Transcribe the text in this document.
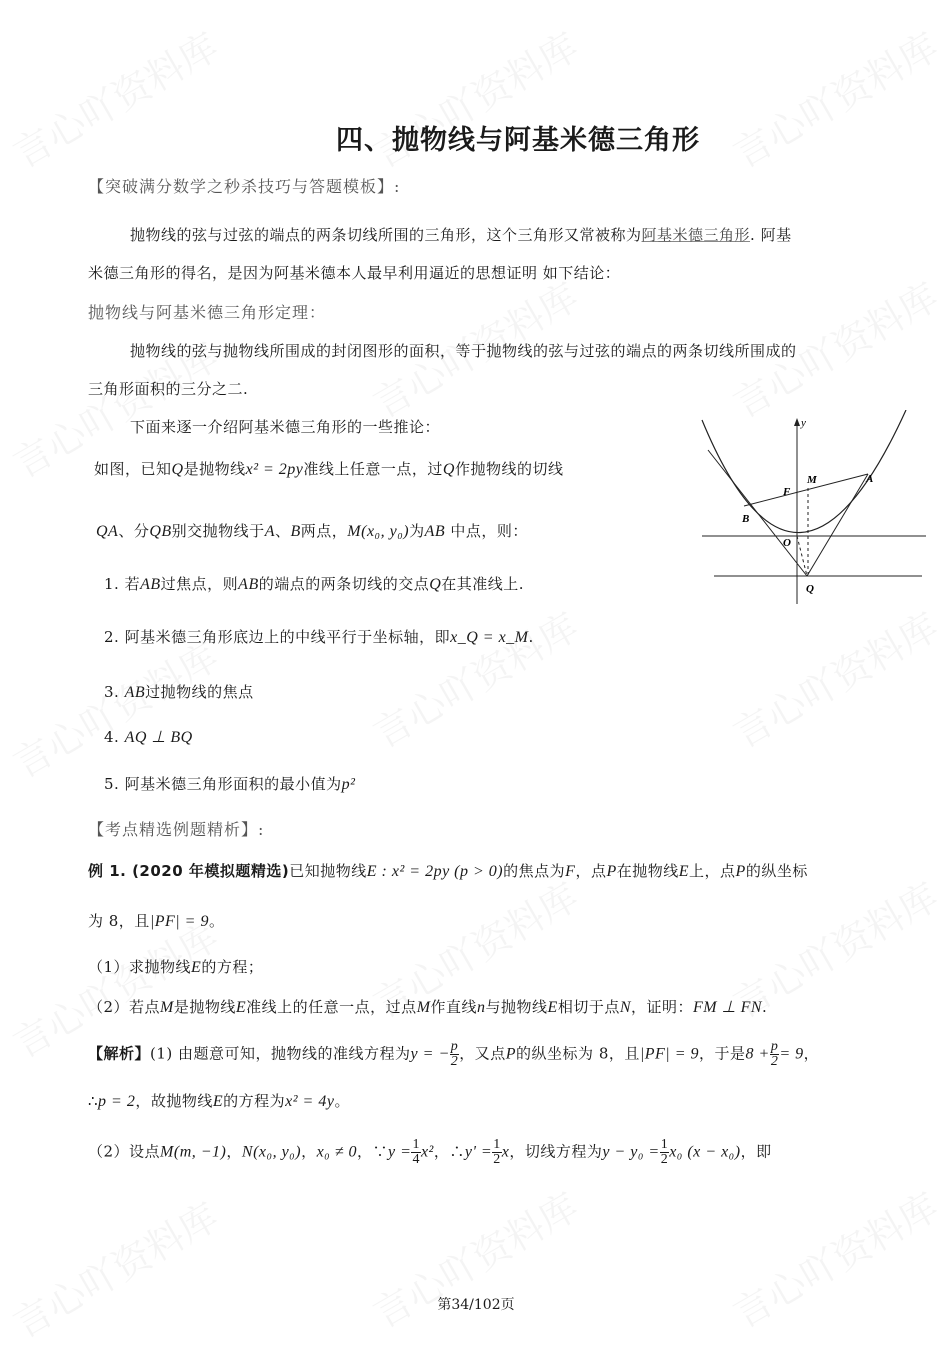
四、抛物线与阿基米德三角形
【突破满分数学之秒杀技巧与答题模板】:
抛物线的弦与过弦的端点的两条切线所围的三角形，这个三角形又常被称为阿基米德三角形. 阿基
米德三角形的得名，是因为阿基米德本人最早利用逼近的思想证明 如下结论：
抛物线与阿基米德三角形定理：
抛物线的弦与抛物线所围成的封闭图形的面积，等于抛物线的弦与过弦的端点的两条切线所围成的
三角形面积的三分之二.
下面来逐一介绍阿基米德三角形的一些推论：
如图，已知Q是抛物线x² = 2py准线上任意一点，过Q作抛物线的切线
QA、分QB别交抛物线于A、B两点，M(x₀, y₀)为AB 中点，则：
1. 若AB过焦点，则AB的端点的两条切线的交点Q在其准线上.
2. 阿基米德三角形底边上的中线平行于坐标轴，即x_Q = x_M.
3. AB过抛物线的焦点
4. AQ ⊥ BQ
5. 阿基米德三角形面积的最小值为p²
【考点精选例题精析】:
例 1. (2020 年模拟题精选)已知抛物线E : x² = 2py (p > 0)的焦点为F，点P在抛物线E上，点P的纵坐标
为 8，且|PF| = 9。
（1）求抛物线E的方程；
（2）若点M是抛物线E准线上的任意一点，过点M作直线n与抛物线E相切于点N，证明：FM ⊥ FN.
【解析】(1) 由题意可知，抛物线的准线方程为y = − $\frac{p}{2}$ ，又点P的纵坐标为 8，且|PF| = 9，于是$8 + \frac{p}{2} = 9$，
∴p = 2，故抛物线E的方程为x² = 4y。
（2）设点M(m, −1)，N(x₀, y₀)，x₀ ≠ 0，∵y = $\frac{1}{4} x^2$，∴y' = $\frac{1}{2}$ x，切线方程为$y - y_0 = \frac{1}{2} x_0$ (x − x₀)，即
y
M	A
F
B
O
Q
第34/102页
